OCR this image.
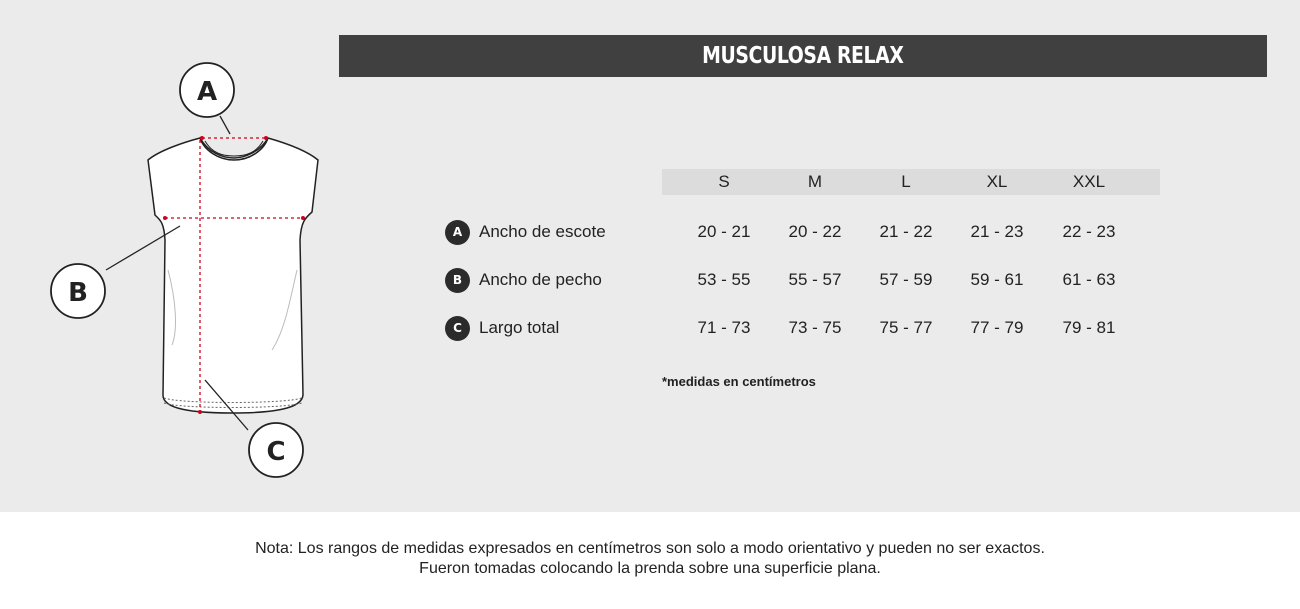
MUSCULOSA RELAX
A
B
C
S	M	L	XL	XXL
A Ancho de escote	20 - 21	20 - 22	21 - 22	21 - 23	22 - 23
B Ancho de pecho	53 - 55	55 - 57	57 - 59	59 - 61	61 - 63
C	Largo total	71 - 73	73 - 75	75 - 77	77 - 79	79 - 81
*medidas en centímetros
Nota: Los rangos de medidas expresados en centímetros son solo a modo orientativo y pueden no ser exactos.
Fueron tomadas colocando la prenda sobre una superficie plana.
